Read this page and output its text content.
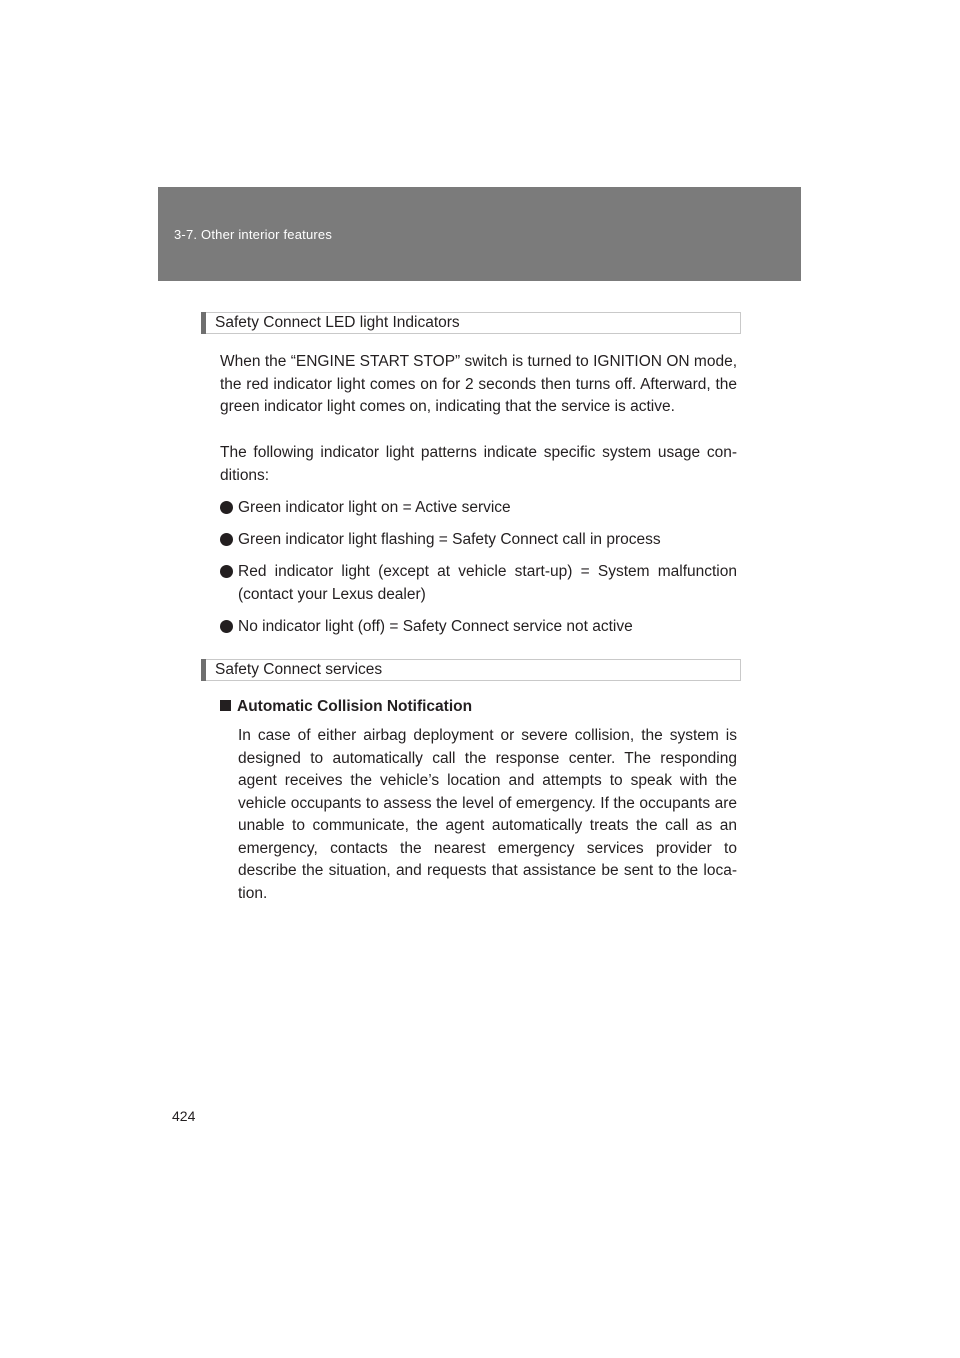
3-7. Other interior features
Safety Connect LED light Indicators

When the “ENGINE START STOP” switch is turned to IGNITION ON mode, the red indicator light comes on for 2 seconds then turns off. Afterward, the green indicator light comes on, indicating that the service is active.

The following indicator light patterns indicate specific system usage con-ditions:

Green indicator light on = Active service
Green indicator light flashing = Safety Connect call in process
Red indicator light (except at vehicle start-up) = System malfunction (contact your Lexus dealer)
No indicator light (off) = Safety Connect service not active
Safety Connect services
Automatic Collision Notification

In case of either airbag deployment or severe collision, the system is designed to automatically call the response center. The responding agent receives the vehicle’s location and attempts to speak with the vehicle occupants to assess the level of emergency. If the occupants are unable to communicate, the agent automatically treats the call as an emergency, contacts the nearest emergency services provider to describe the situation, and requests that assistance be sent to the loca-tion.

424
